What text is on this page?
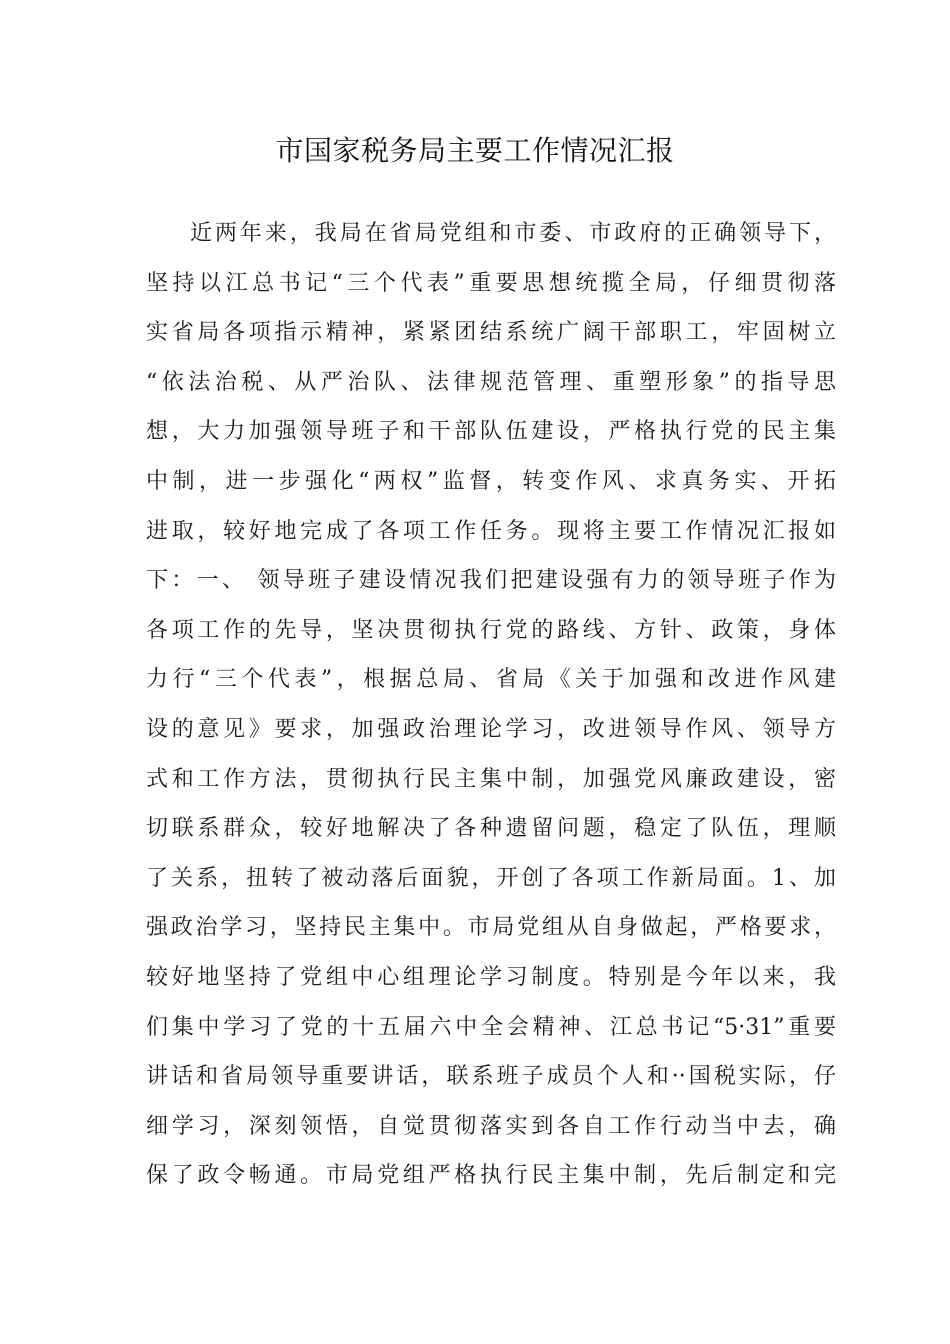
市国家税务局主要工作情况汇报
近两年来，我局在省局党组和市委、市政府的正确领导下，
坚持以江总书记“三个代表”重要思想统揽全局，仔细贯彻落
实省局各项指示精神，紧紧团结系统广阔干部职工，牢固树立
“依法治税、从严治队、法律规范管理、重塑形象”的指导思
想，大力加强领导班子和干部队伍建设，严格执行党的民主集
中制，进一步强化“两权”监督，转变作风、求真务实、开拓
进取，较好地完成了各项工作任务。现将主要工作情况汇报如
下：一、 领导班子建设情况我们把建设强有力的领导班子作为
各项工作的先导，坚决贯彻执行党的路线、方针、政策，身体
力行“三个代表”，根据总局、省局《关于加强和改进作风建
设的意见》要求，加强政治理论学习，改进领导作风、领导方
式和工作方法，贯彻执行民主集中制，加强党风廉政建设，密
切联系群众，较好地解决了各种遗留问题，稳定了队伍，理顺
了关系，扭转了被动落后面貌，开创了各项工作新局面。1、加
强政治学习，坚持民主集中。市局党组从自身做起，严格要求，
较好地坚持了党组中心组理论学习制度。特别是今年以来，我
们集中学习了党的十五届六中全会精神、江总书记“5·31”重要
讲话和省局领导重要讲话，联系班子成员个人和··国税实际，仔
细学习，深刻领悟，自觉贯彻落实到各自工作行动当中去，确
保了政令畅通。市局党组严格执行民主集中制，先后制定和完
